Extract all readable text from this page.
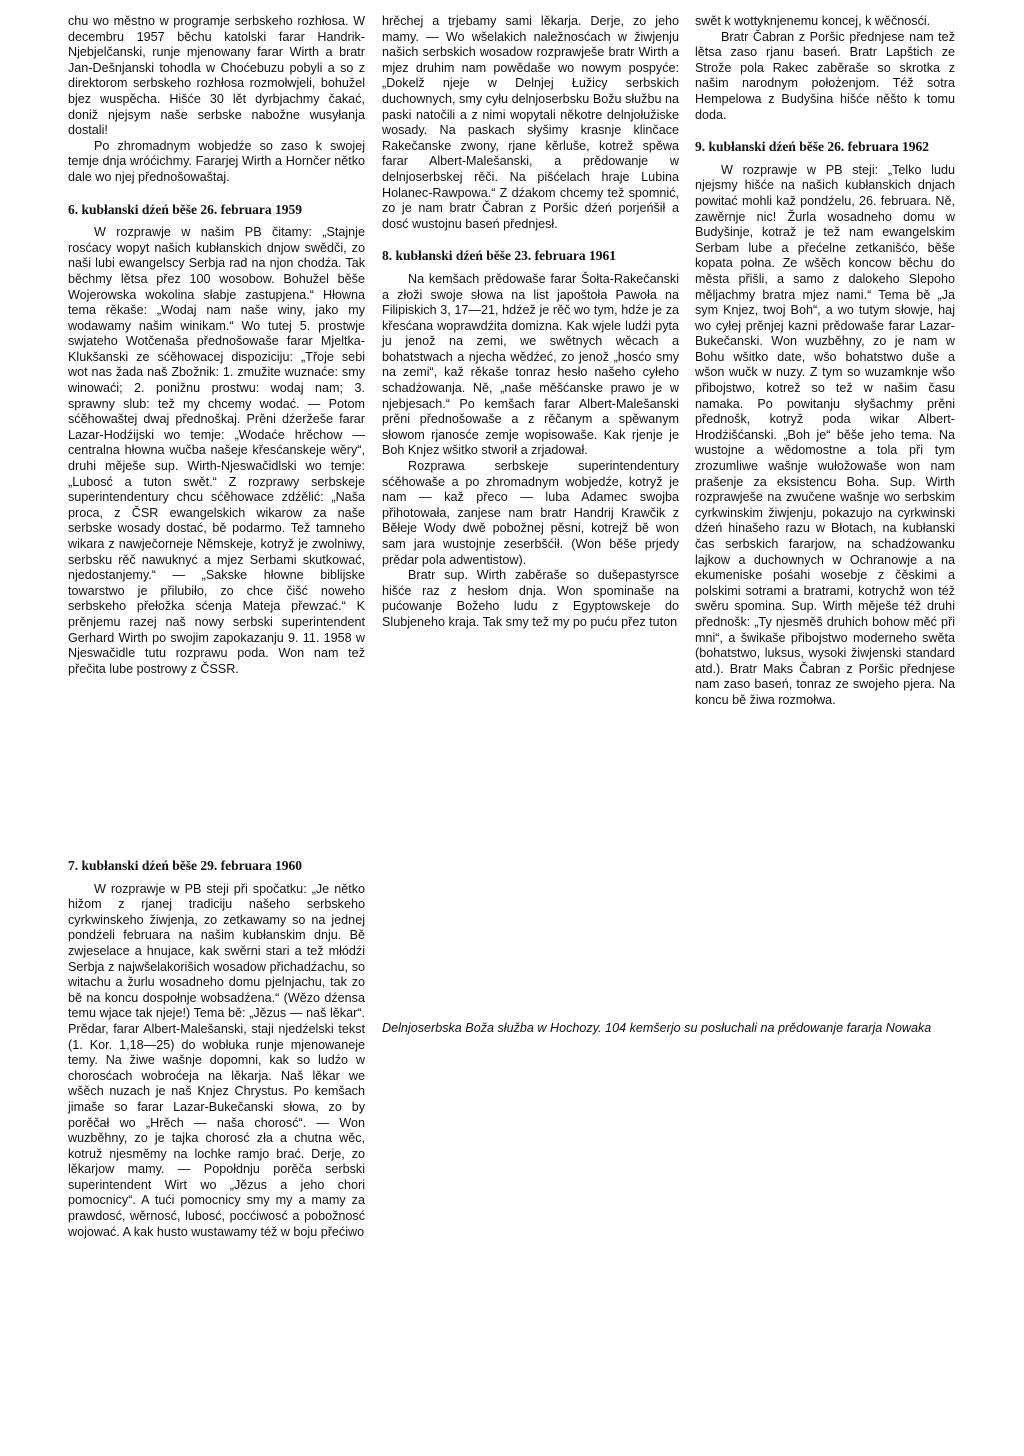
chu wo městno w programje serbskeho rozhłosa. W decembru 1957 běchu katolski farar Handrik-Njebjelčanski, runje mjenowany farar Wirth a bratr Jan-Dešnjanski tohodla w Choćebuzu pobyli a so z direktorom serbskeho rozhłosa rozmołwjeli, bohužel bjez wuspěcha. Hišće 30 lět dyrbjachmy čakać, doniž njejsym naše serbske nabožne wusyłanja dostali!

Po zhromadnym wobjedźe so zaso k swojej temje dnja wróćichmy. Fararjej Wirth a Hornčer nětko dale wo njej přednošowaštaj.

6. kubłanski dźeń běše 26. februara 1959

W rozprawje w našim PB čitamy: „Stajnje rosćacy wopyt našich kubłanskich dnjow swědči, zo naši lubi ewangelscy Serbja rad na njon chodźa. Tak běchmy lětsa přez 100 wosobow. Bohužel běše Wojerowska wokolina słabje zastupjena.“ Hłowna tema rěkaše: „Wodaj nam naše winy, jako my wodawamy našim winikam.“ Wo tutej 5. prostwje swjateho Wotčenaša přednošowaše farar Mjeltka-Klukšanski ze sćěhowacej dispoziciju: „Třoje sebi wot nas žada naš Zbožnik: 1. zmužite wuznaće: smy winowaći; 2. ponižnu prostwu: wodaj nam; 3. sprawny slub: tež my chcemy wodać. — Potom sćěhowaštej dwaj přednoškaj. Prěni dźeržeše farar Lazar-Hodźijski wo temje: „Wodaće hrěchow — centralna hłowna wučba našeje křesćanskeje wěry“, druhi měješe sup. Wirth-Njeswačidlski wo temje: „Lubosć a tuton swět.“ Z rozprawy serbskeje superintendentury chcu sćěhowace zdźělić: „Naša proca, z ČSR ewangelskich wikarow za naše serbske wosady dostać, bě podarmo. Tež tamneho wikara z nawječorneje Němskeje, kotryž je zwolniwy, serbsku rěč nawuknyć a mjez Serbami skutkować, njedostanjemy.“ — „Sakske hłowne biblijske towarstwo je přilubiło, zo chce čišć noweho serbskeho přełožka sćenja Mateja přewzać.“ K prěnjemu razej naš nowy serbski superintendent Gerhard Wirth po swojim zapokazanju 9. 11. 1958 w Njeswačidle tutu rozprawu poda. Won nam tež přečita lube postrowy z ČSSR.

7. kubłanski dźeń běše 29. februara 1960

W rozprawje w PB steji při spočatku: „Je nětko hižom z rjanej tradiciju našeho serbskeho cyrkwinskeho žiwjenja, zo zetkawamy so na jednej pondźeli februara na našim kubłanskim dnju. Bě zwjeselace a hnujace, kak swěrni stari a tež młódźi Serbja z najwšelakorišich wosadow přichadźachu, so witachu a žurlu wosadneho domu pjelnjachu, tak zo bě na koncu dospołnje wobsadźena.“ (Wězo dźensa temu wjace tak njeje!) Tema bě: „Jězus — naš lěkar“. Prědar, farar Albert-Malešanski, staji njedźelski tekst (1. Kor. 1,18—25) do wobłuka runje mjenowaneje temy. Na žiwe wašnje dopomni, kak so ludźo w chorosćach wobroćeja na lěkarja. Naš lěkar we wšěch nuzach je naš Knjez Chrystus. Po kemšach jimaše so farar Lazar-Bukečanski słowa, zo by porěčał wo „Hrěch — naša chorosć“. — Won wuzběhny, zo je tajka chorosć zła a chutna wěc, kotruž njesměmy na lochke ramjo brać. Derje, zo lěkarjow mamy. — Popołdnju porěča serbski superintendent Wirt wo „Jězus a jeho chori pomocnicy“. A tući pomocnicy smy my a mamy za prawdosć, wěrnosć, lubosć, pocćiwosć a pobožnosć wojować. A kak husto wustawamy též w boju přećiwo

hrěchej a trjebamy sami lěkarja. Derje, zo jeho mamy. — Wo wšelakich naležnosćach w žiwjenju našich serbskich wosadow rozprawješe bratr Wirth a mjez druhim nam powědaše wo nowym pospyće: „Dokelž njeje w Delnjej Łužicy serbskich duchownych, smy cyłu delnjoserbsku Božu słužbu na paski natočili a z nimi wopytali někotre delnjołužiske wosady. Na paskach słyšimy krasnje klinčace Rakečanske zwony, rjane kěrluše, kotrež spěwa farar Albert-Malešanski, a prědowanje w delnjoserbskej rěči. Na pišćelach hraje Lubina Holanec-Rawpowa.“ Z dźakom chcemy tež spomnić, zo je nam bratr Čabran z Poršic dźeń porjeńšił a dosć wustojnu baseń přednjesł.

8. kubłanski dźeń běše 23. februara 1961

Na kemšach prědowaše farar Šołta-Rakečanski a złoži swoje słowa na list japoštoła Pawoła na Filipiskich 3, 17—21, hdźež je rěč wo tym, hdźe je za křesćana woprawdźita domizna. Kak wjele ludźi pyta ju jenož na zemi, we swětnych wěcach a bohatstwach a njecha wědźeć, zo jenož „hosćo smy na zemi“, kaž rěkaše tonraz hesło našeho cyłeho schadźowanja. Ně, „naše měšćanske prawo je w njebjesach.“ Po kemšach farar Albert-Malešanski prěni přednošowaše a z rěčanym a spěwanym słowom rjanosće zemje wopisowaše. Kak rjenje je Boh Knjez wšitko stworił a zrjadował.

Rozprawa serbskeje superintendentury sćěhowaše a po zhromadnym wobjedźe, kotryž je nam — kaž přeco — luba Adamec swojba přihotowała, zanjese nam bratr Handrij Krawčik z Běłeje Wody dwě pobožnej pěsni, kotrejž bě won sam jara wustojnje zeserbšćił. (Won běše prjedy prědar pola adwentistow).

Bratr sup. Wirth zaběraše so dušepastyrsce hišće raz z hesłom dnja. Won spominaše na pućowanje Božeho ludu z Egyptowskeje do Slubjeneho kraja. Tak smy tež my po puću přez tuton

swět k wottyknjenemu koncej, k wěčnosći.

Bratr Čabran z Poršic přednjese nam tež lětsa zaso rjanu baseń. Bratr Lapštich ze Strože pola Rakec zaběraše so skrotka z našim narodnym położenjom. Též sotra Hempelowa z Budyšina hišće něšto k tomu doda.

9. kubłanski dźeń běše 26. februara 1962

W rozprawje w PB steji: „Telko ludu njejsmy hišće na našich kubłanskich dnjach powitać mohli kaž pondźelu, 26. februara. Ně, zawěrnje nic! Žurla wosadneho domu w Budyšinje, kotraž je tež nam ewangelskim Serbam lube a přećelne zetkanišćo, běše kopata połna. Ze wšěch koncow běchu do města přišli, a samo z dalokeho Slepoho měljachmy bratra mjez nami.“ Tema bě „Ja sym Knjez, twoj Boh“, a wo tutym słowje, haj wo cyłej prěnjej kazni prědowaše farar Lazar-Bukečanski. Won wuzběhny, zo je nam w Bohu wšitko date, wšo bohatstwo duše a wšon wučk w nuzy. Z tym so wuzamknje wšo přibojstwo, kotrež so tež w našim času namaka. Po powitanju słyšachmy prěni přednošk, kotryž poda wikar Albert-Hrodźišćanski. „Boh je“ běše jeho tema. Na wustojne a wědomostne a tola při tym zrozumliwe wašnje wułožowaše won nam prašenje za eksistencu Boha. Sup. Wirth rozprawješe na zwučene wašnje wo serbskim cyrkwinskim žiwjenju, pokazujo na cyrkwinski dźeń hinašeho razu w Błotach, na kubłanski čas serbskich fararjow, na schadźowanku lajkow a duchownych w Ochranowje a na ekumeniske pośahi wosebje z čěskimi a polskimi sotrami a bratrami, kotrychž won též swěru spomina. Sup. Wirth měješe též druhi přednošk: „Ty njesměš druhich bohow měć při mni“, a šwikaše přibojstwo moderneho swěta (bohatstwo, luksus, wysoki žiwjenski standard atd.). Bratr Maks Čabran z Poršic přednjese nam zaso baseń, tonraz ze swojeho pjera. Na koncu bě žiwa rozmołwa.

Delnjoserbska Boža słužba w Hochozy. 104 kemšerjo su posłuchali na prědowanje fararja Nowaka
